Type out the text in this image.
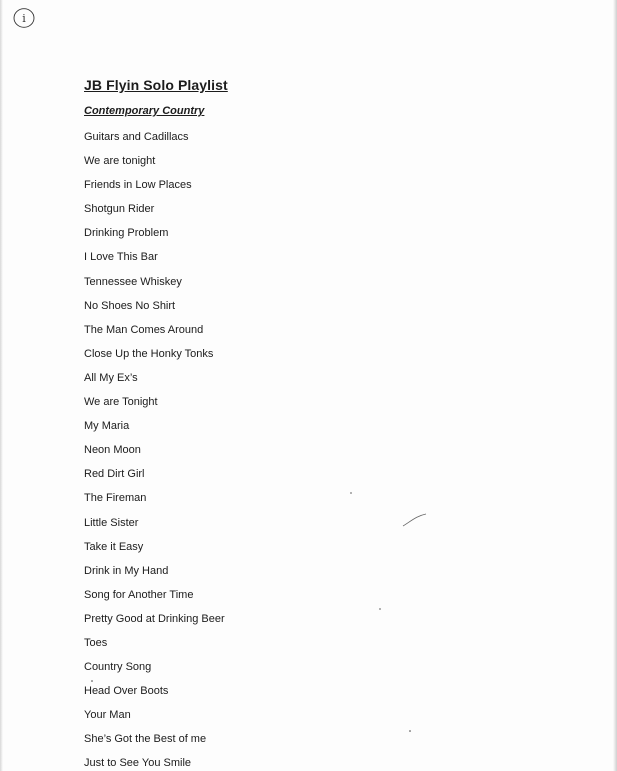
i
JB Flyin Solo Playlist
Contemporary Country
Guitars and Cadillacs
We are tonight
Friends in Low Places
Shotgun Rider
Drinking Problem
I Love This Bar
Tennessee Whiskey
No Shoes No Shirt
The Man Comes Around
Close Up the Honky Tonks
All My Ex’s
We are Tonight
My Maria
Neon Moon
Red Dirt Girl
The Fireman
Little Sister
Take it Easy
Drink in My Hand
Song for Another Time
Pretty Good at Drinking Beer
Toes
Country Song
Head Over Boots
Your Man
She’s Got the Best of me
Just to See You Smile
